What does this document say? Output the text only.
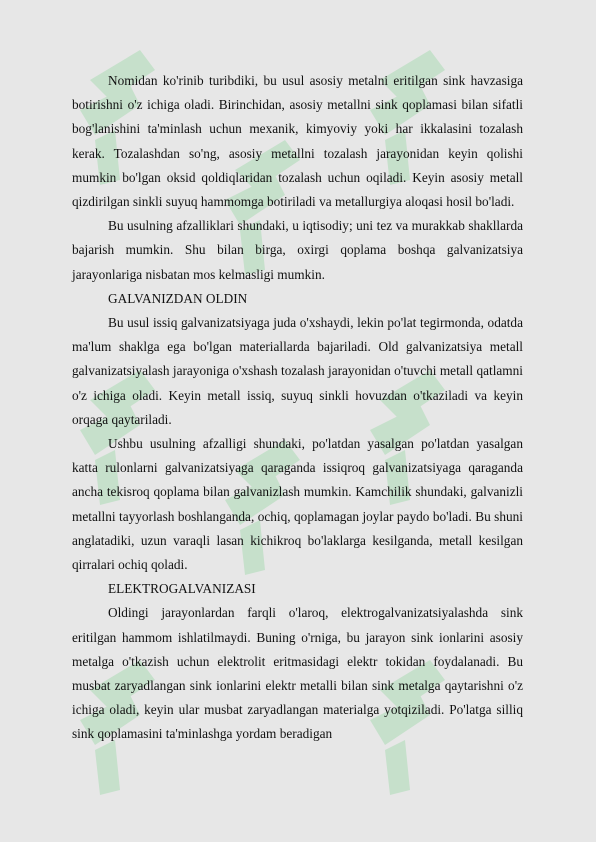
Nomidan ko'rinib turibdiki, bu usul asosiy metalni eritilgan sink havzasiga botirishni o'z ichiga oladi. Birinchidan, asosiy metallni sink qoplamasi bilan sifatli bog'lanishini ta'minlash uchun mexanik, kimyoviy yoki har ikkalasini tozalash kerak. Tozalashdan so'ng, asosiy metallni tozalash jarayonidan keyin qolishi mumkin bo'lgan oksid qoldiqlaridan tozalash uchun oqiladi. Keyin asosiy metall qizdirilgan sinkli suyuq hammomga botiriladi va metallurgiya aloqasi hosil bo'ladi.

Bu usulning afzalliklari shundaki, u iqtisodiy; uni tez va murakkab shakllarda bajarish mumkin. Shu bilan birga, oxirgi qoplama boshqa galvanizatsiya jarayonlariga nisbatan mos kelmasligi mumkin.

GALVANIZDAN OLDIN

Bu usul issiq galvanizatsiyaga juda o'xshaydi, lekin po'lat tegirmonda, odatda ma'lum shaklga ega bo'lgan materiallarda bajariladi. Old galvanizatsiya metall galvanizatsiyalash jarayoniga o'xshash tozalash jarayonidan o'tuvchi metall qatlamni o'z ichiga oladi. Keyin metall issiq, suyuq sinkli hovuzdan o'tkaziladi va keyin orqaga qaytariladi.

Ushbu usulning afzalligi shundaki, po'latdan yasalgan po'latdan yasalgan katta rulonlarni galvanizatsiyaga qaraganda issiqroq galvanizatsiyaga qaraganda ancha tekisroq qoplama bilan galvanizlash mumkin. Kamchilik shundaki, galvanizli metallni tayyorlash boshlanganda, ochiq, qoplamagan joylar paydo bo'ladi. Bu shuni anglatadiki, uzun varaqli lasan kichikroq bo'laklarga kesilganda, metall kesilgan qirralari ochiq qoladi.

ELEKTROGALVANIZASI

Oldingi jarayonlardan farqli o'laroq, elektrogalvanizatsiyalashda sink eritilgan hammom ishlatilmaydi. Buning o'rniga, bu jarayon sink ionlarini asosiy metalga o'tkazish uchun elektrolit eritmasidagi elektr tokidan foydalanadi. Bu musbat zaryadlangan sink ionlarini elektr metalli bilan sink metalga qaytarishni o'z ichiga oladi, keyin ular musbat zaryadlangan materialga yotqiziladi. Po'latga silliq sink qoplamasini ta'minlashga yordam beradigan
